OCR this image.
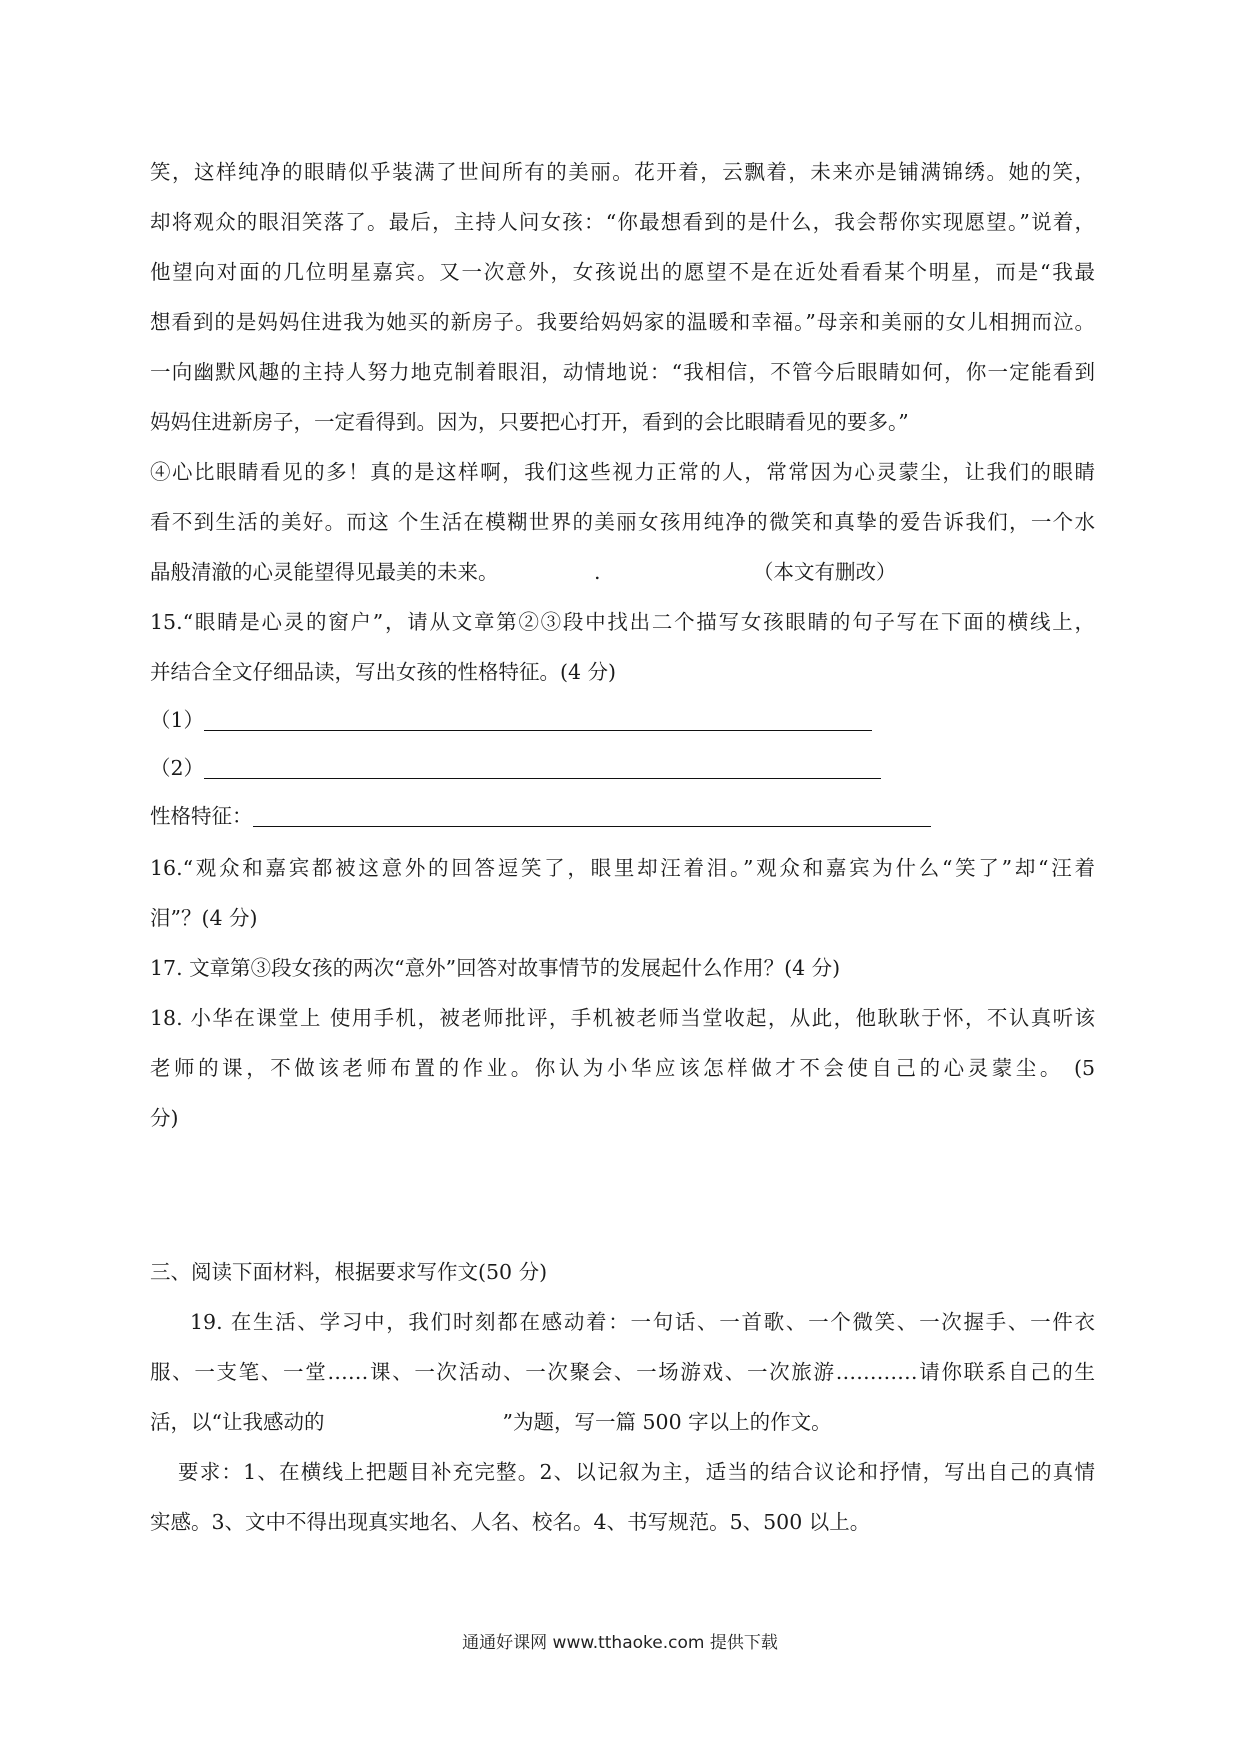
笑，这样纯净的眼睛似乎装满了世间所有的美丽。花开着，云飘着，未来亦是铺满锦绣。她的笑，
却将观众的眼泪笑落了。最后，主持人问女孩：“你最想看到的是什么，我会帮你实现愿望。”说着，
他望向对面的几位明星嘉宾。又一次意外，女孩说出的愿望不是在近处看看某个明星，而是“我最
想看到的是妈妈住进我为她买的新房子。我要给妈妈家的温暖和幸福。”母亲和美丽的女儿相拥而泣。
一向幽默风趣的主持人努力地克制着眼泪，动情地说：“我相信，不管今后眼睛如何，你一定能看到
妈妈住进新房子，一定看得到。因为，只要把心打开，看到的会比眼睛看见的要多。”
④心比眼睛看见的多！真的是这样啊，我们这些视力正常的人，常常因为心灵蒙尘，让我们的眼睛
看不到生活的美好。而这 个生活在模糊世界的美丽女孩用纯净的微笑和真挚的爱告诉我们，一个水
晶般清澈的心灵能望得见最美的未来。	.	（本文有删改）
15.“眼睛是心灵的窗户”，请从文章第②③段中找出二个描写女孩眼睛的句子写在下面的横线上，
并结合全文仔细品读，写出女孩的性格特征。(4 分)
（1）
（2）
性格特征：
16.“观众和嘉宾都被这意外的回答逗笑了，眼里却汪着泪。”观众和嘉宾为什么“笑了”却“汪着
泪”？(4 分)
17. 文章第③段女孩的两次“意外”回答对故事情节的发展起什么作用？(4 分)
18. 小华在课堂上 使用手机，被老师批评，手机被老师当堂收起，从此，他耿耿于怀，不认真听该
老师的课，不做该老师布置的作业。你认为小华应该怎样做才不会使自己的心灵蒙尘。 (5
分)
三、阅读下面材料，根据要求写作文(50 分)
19. 在生活、学习中，我们时刻都在感动着：一句话、一首歌、一个微笑、一次握手、一件衣
服、一支笔、一堂……课、一次活动、一次聚会、一场游戏、一次旅游…………请你联系自己的生
活，以“让我感动的	”为题，写一篇 500 字以上的作文。
要求：1、在横线上把题目补充完整。2、以记叙为主，适当的结合议论和抒情，写出自己的真情
实感。3、文中不得出现真实地名、人名、校名。4、书写规范。5、500 以上。
通通好课网 www.tthaoke.com 提供下载
